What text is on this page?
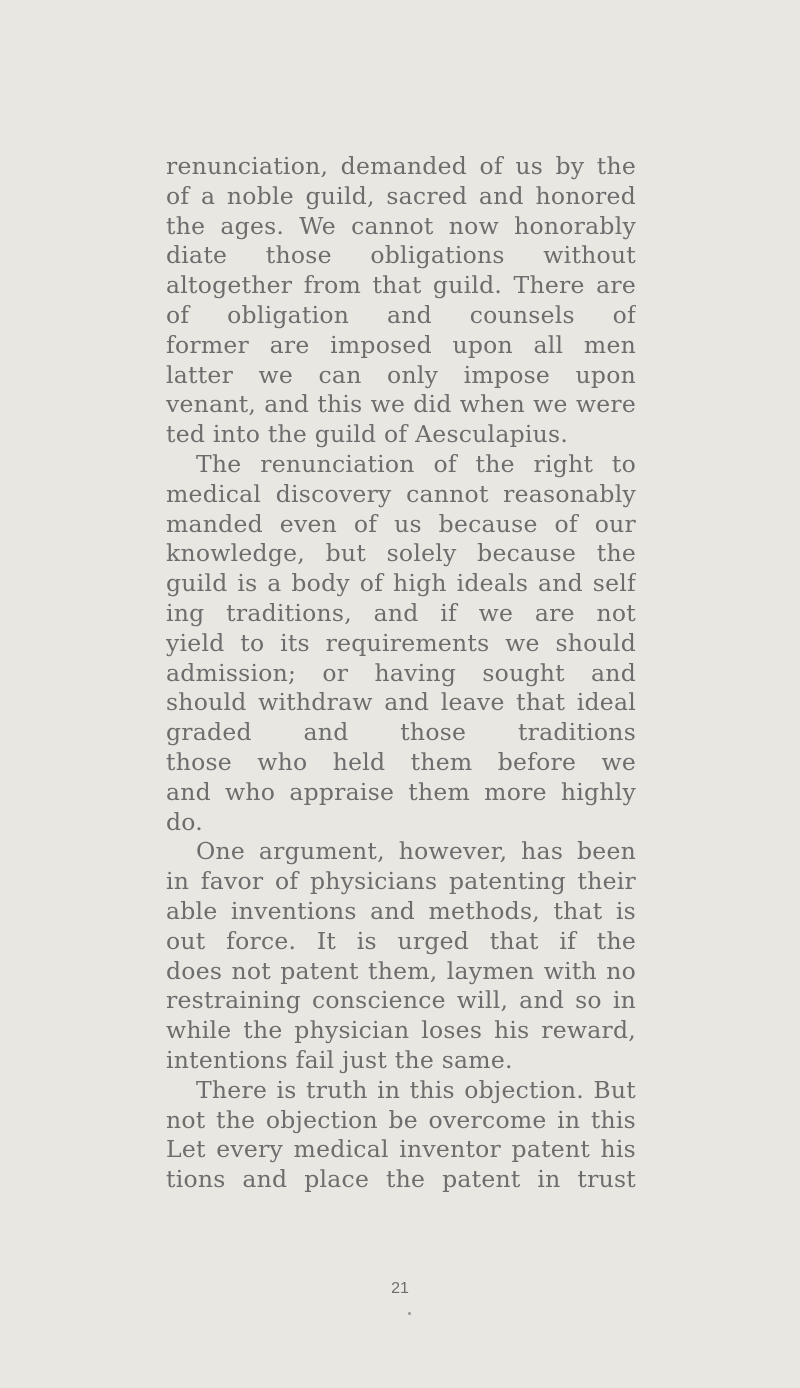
renunciation, demanded of us by the
of a noble guild, sacred and honored
the ages. We cannot now honorably
diate those obligations without
altogether from that guild. There are
of obligation and counsels of
former are imposed upon all men
latter we can only impose upon
venant, and this we did when we were
ted into the guild of Aesculapius.
The renunciation of the right to
medical discovery cannot reasonably
manded even of us because of our
knowledge, but solely because the
guild is a body of high ideals and self
ing traditions, and if we are not
yield to its requirements we should
admission; or having sought and
should withdraw and leave that ideal
graded and those traditions
those who held them before we
and who appraise them more highly
do.
One argument, however, has been
in favor of physicians patenting their
able inventions and methods, that is
out force. It is urged that if the
does not patent them, laymen with no
restraining conscience will, and so in
while the physician loses his reward,
intentions fail just the same.
There is truth in this objection. But
not the objection be overcome in this
Let every medical inventor patent his
tions and place the patent in trust
21
